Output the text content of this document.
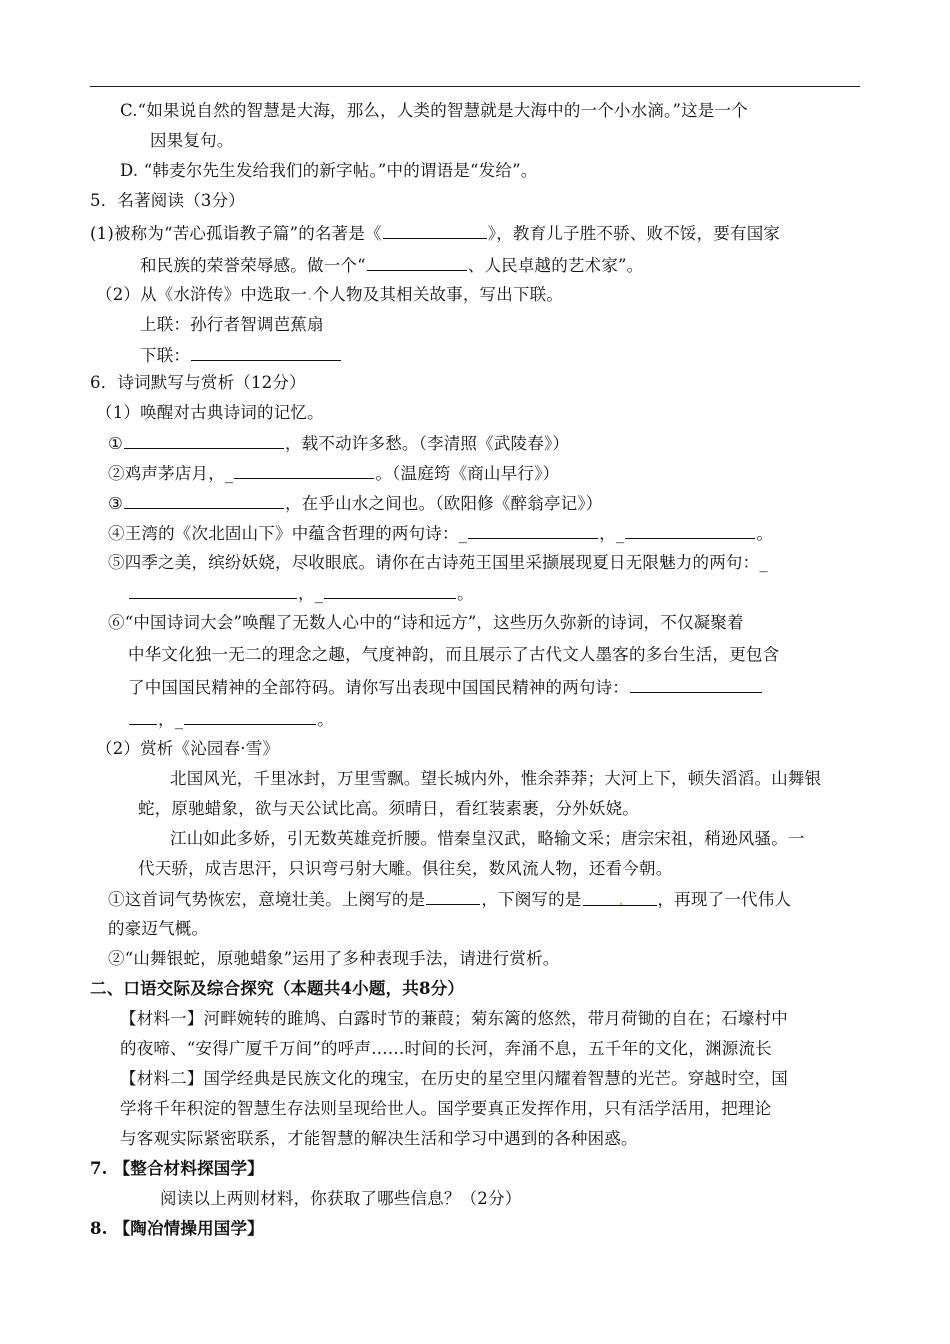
C.“如果说自然的智慧是大海，那么，人类的智慧就是大海中的一个小水滴。”这是一个
因果复句。
D. “韩麦尔先生发给我们的新字帖。”中的谓语是“发给”。
5．名著阅读（3分）
(1)被称为“苦心孤诣教子篇”的名著是《	》，教育儿子胜不骄、败不馁，要有国家
和民族的荣誉荣辱感。做一个“	、人民卓越的艺术家”。
（2）从《水浒传》中选取一.个人物及其相关故事，写出下联。
上联：孙行者智调芭蕉扇
下联：
6．诗词默写与赏析（12分）
（1）唤醒对古典诗词的记忆。
①	，载不动许多愁。（李清照《武陵春》）
②鸡声茅店月，_	。（温庭筠《商山早行》）
③	，在乎山水之间也。（欧阳修《醉翁亭记》）
④王湾的《次北固山下》中蕴含哲理的两句诗：_	，_	。
⑤四季之美，缤纷妖娆，尽收眼底。请你在古诗苑王国里采撷展现夏日无限魅力的两句：_
，_	。
⑥“中国诗词大会”唤醒了无数人心中的“诗和远方”，这些历久弥新的诗词，不仅凝聚着
中华文化独一无二的理念之趣，气度神韵，而且展示了古代文人墨客的多台生活，更包含
了中国国民精神的全部符码。请你写出表现中国国民精神的两句诗：
，_	。
（2）赏析《沁园春·雪》
北国风光，千里冰封，万里雪飘。望长城内外，惟余莽莽；大河上下，顿失滔滔。山舞银
蛇，原驰蜡象，欲与天公试比高。须晴日，看红装素裹，分外妖娆。
江山如此多娇，引无数英雄竞折腰。惜秦皇汉武，略输文采；唐宗宋祖，稍逊风骚。一
代天骄，成吉思汗，只识弯弓射大雕。俱往矣，数风流人物，还看今朝。
①这首词气势恢宏，意境壮美。上阕写的是	，下阕写的是 . ，再现了一代伟人
的豪迈气概。
②“山舞银蛇，原驰蜡象”运用了多种表现手法，请进行赏析。
二、口语交际及综合探究（本题共4小题，共8分）
【材料一】河畔婉转的雎鸠、白露时节的蒹葭；菊东篱的悠然，带月荷锄的自在；石壕村中
的夜啼、“安得广厦千万间”的呼声……时间的长河，奔涌不息，五千年的文化，渊源流长
【材料二】国学经典是民族文化的瑰宝，在历史的星空里闪耀着智慧的光芒。穿越时空，国
学将千年积淀的智慧生存法则呈现给世人。国学要真正发挥作用，只有活学活用，把理论
与客观实际紧密联系，才能智慧的解决生活和学习中遇到的各种困惑。
7. 【整合材料探国学】
阅读以上两则材料，你获取了哪些信息？（2分）
8. 【陶冶情操用国学】
